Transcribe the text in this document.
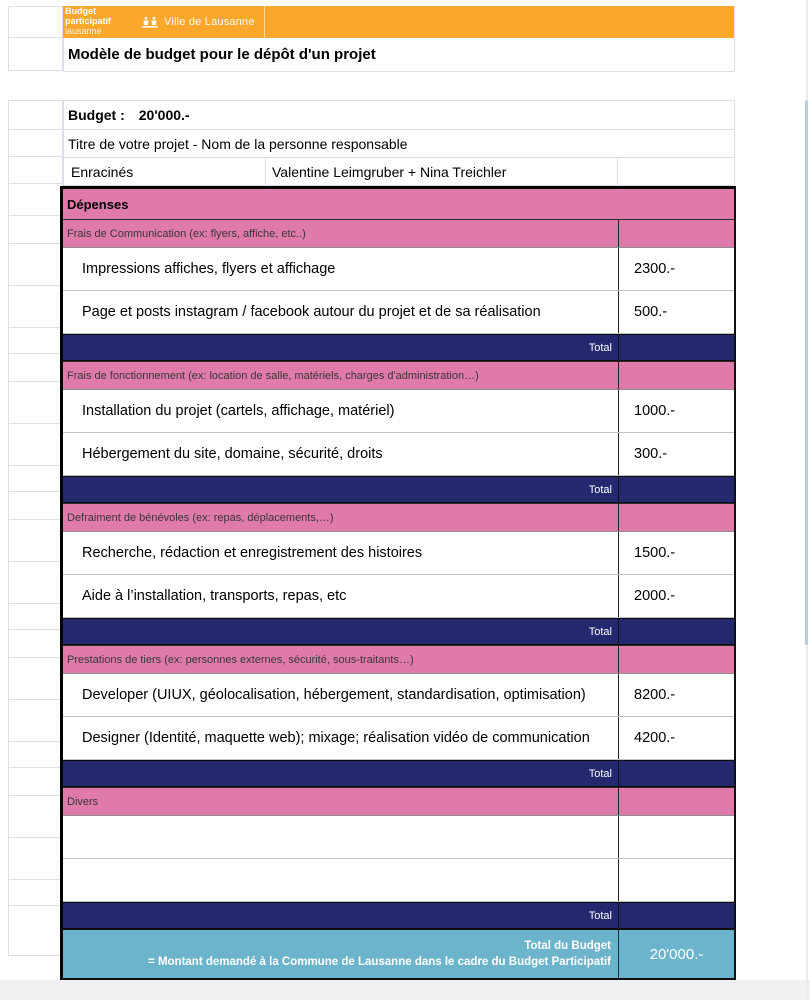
Budget
participatif
lausanne
Ville de Lausanne
Modèle de budget pour le dépôt d'un projet
Budget : 20'000.-
Titre de votre projet - Nom de la personne responsable
Enracinés	Valentine Leimgruber + Nina Treichler
Dépenses
Frais de Communication (ex: flyers, affiche, etc..)
Impressions affiches, flyers et affichage	2300.-
Page et posts instagram / facebook autour du projet et de sa réalisation	500.-
Total
Frais de fonctionnement (ex: location de salle, matériels, charges d'administration…)
Installation du projet (cartels, affichage, matériel)	1000.-
Hébergement du site, domaine, sécurité, droits	300.-
Total
Defraiment de bénévoles (ex: repas, déplacements,…)
Recherche, rédaction et enregistrement des histoires	1500.-
Aide à l’installation, transports, repas, etc	2000.-
Total
Prestations de tiers (ex: personnes externes, sécurité, sous-traitants…)
Developer (UIUX, géolocalisation, hébergement, standardisation, optimisation)	8200.-
Designer (Identité, maquette web); mixage; réalisation vidéo de communication	4200.-
Total
Divers
Total
Total du Budget
= Montant demandé à la Commune de Lausanne dans le cadre du Budget Participatif	20'000.-
